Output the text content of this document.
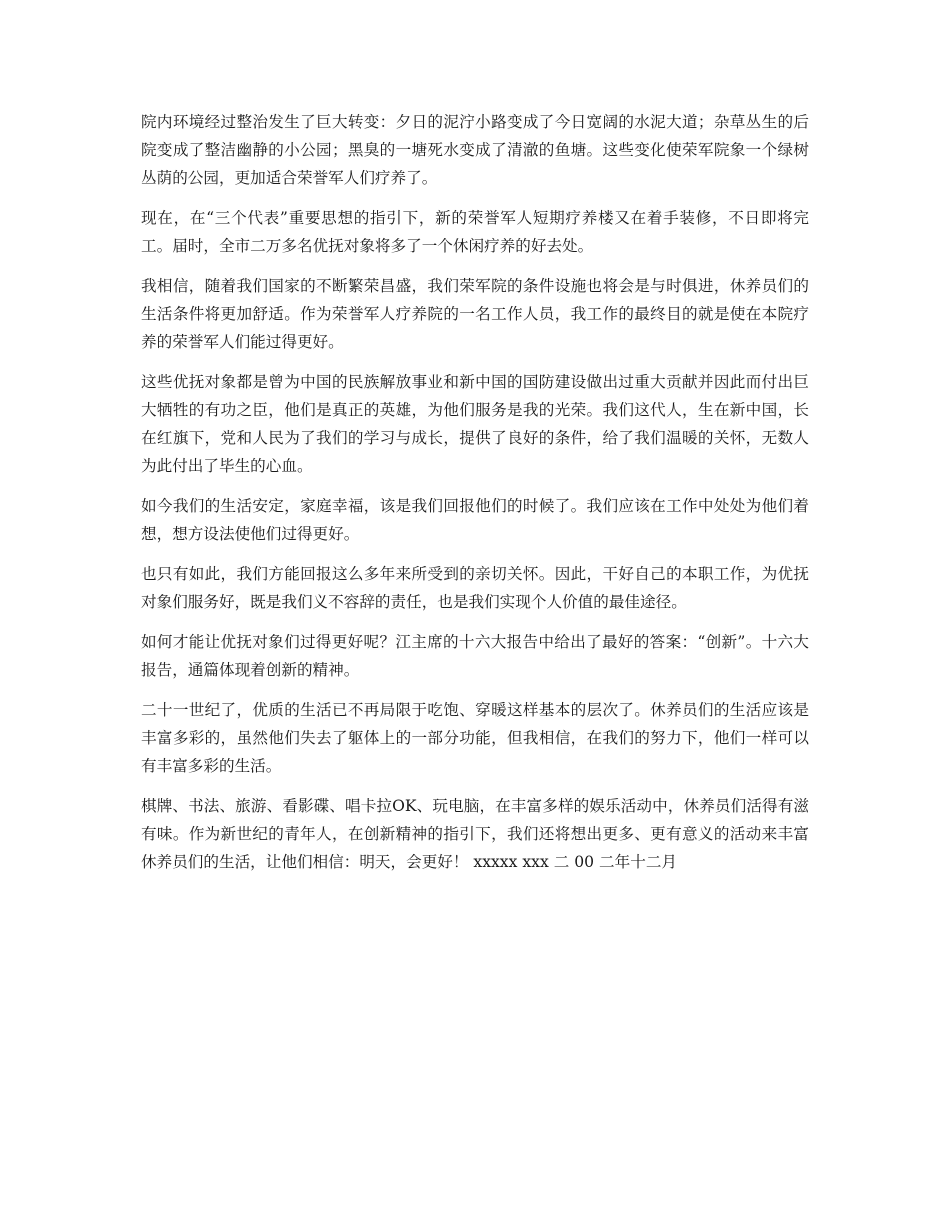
院内环境经过整治发生了巨大转变：夕日的泥泞小路变成了今日宽阔的水泥大道；杂草丛生的后院变成了整洁幽静的小公园；黑臭的一塘死水变成了清澈的鱼塘。这些变化使荣军院象一个绿树丛荫的公园，更加适合荣誉军人们疗养了。

现在，在“三个代表”重要思想的指引下，新的荣誉军人短期疗养楼又在着手装修，不日即将完工。届时，全市二万多名优抚对象将多了一个休闲疗养的好去处。

我相信，随着我们国家的不断繁荣昌盛，我们荣军院的条件设施也将会是与时俱进，休养员们的生活条件将更加舒适。作为荣誉军人疗养院的一名工作人员，我工作的最终目的就是使在本院疗养的荣誉军人们能过得更好。

这些优抚对象都是曾为中国的民族解放事业和新中国的国防建设做出过重大贡献并因此而付出巨大牺牲的有功之臣，他们是真正的英雄，为他们服务是我的光荣。我们这代人，生在新中国，长在红旗下，党和人民为了我们的学习与成长，提供了良好的条件，给了我们温暖的关怀，无数人为此付出了毕生的心血。

如今我们的生活安定，家庭幸福，该是我们回报他们的时候了。我们应该在工作中处处为他们着想，想方设法使他们过得更好。

也只有如此，我们方能回报这么多年来所受到的亲切关怀。因此，干好自己的本职工作，为优抚对象们服务好，既是我们义不容辞的责任，也是我们实现个人价值的最佳途径。

如何才能让优抚对象们过得更好呢？江主席的十六大报告中给出了最好的答案：“创新”。十六大报告，通篇体现着创新的精神。

二十一世纪了，优质的生活已不再局限于吃饱、穿暖这样基本的层次了。休养员们的生活应该是丰富多彩的，虽然他们失去了躯体上的一部分功能，但我相信，在我们的努力下，他们一样可以有丰富多彩的生活。

棋牌、书法、旅游、看影碟、唱卡拉OK、玩电脑，在丰富多样的娱乐活动中，休养员们活得有滋有味。作为新世纪的青年人，在创新精神的指引下，我们还将想出更多、更有意义的活动来丰富休养员们的生活，让他们相信：明天，会更好！ xxxxx xxx 二 00 二年十二月
